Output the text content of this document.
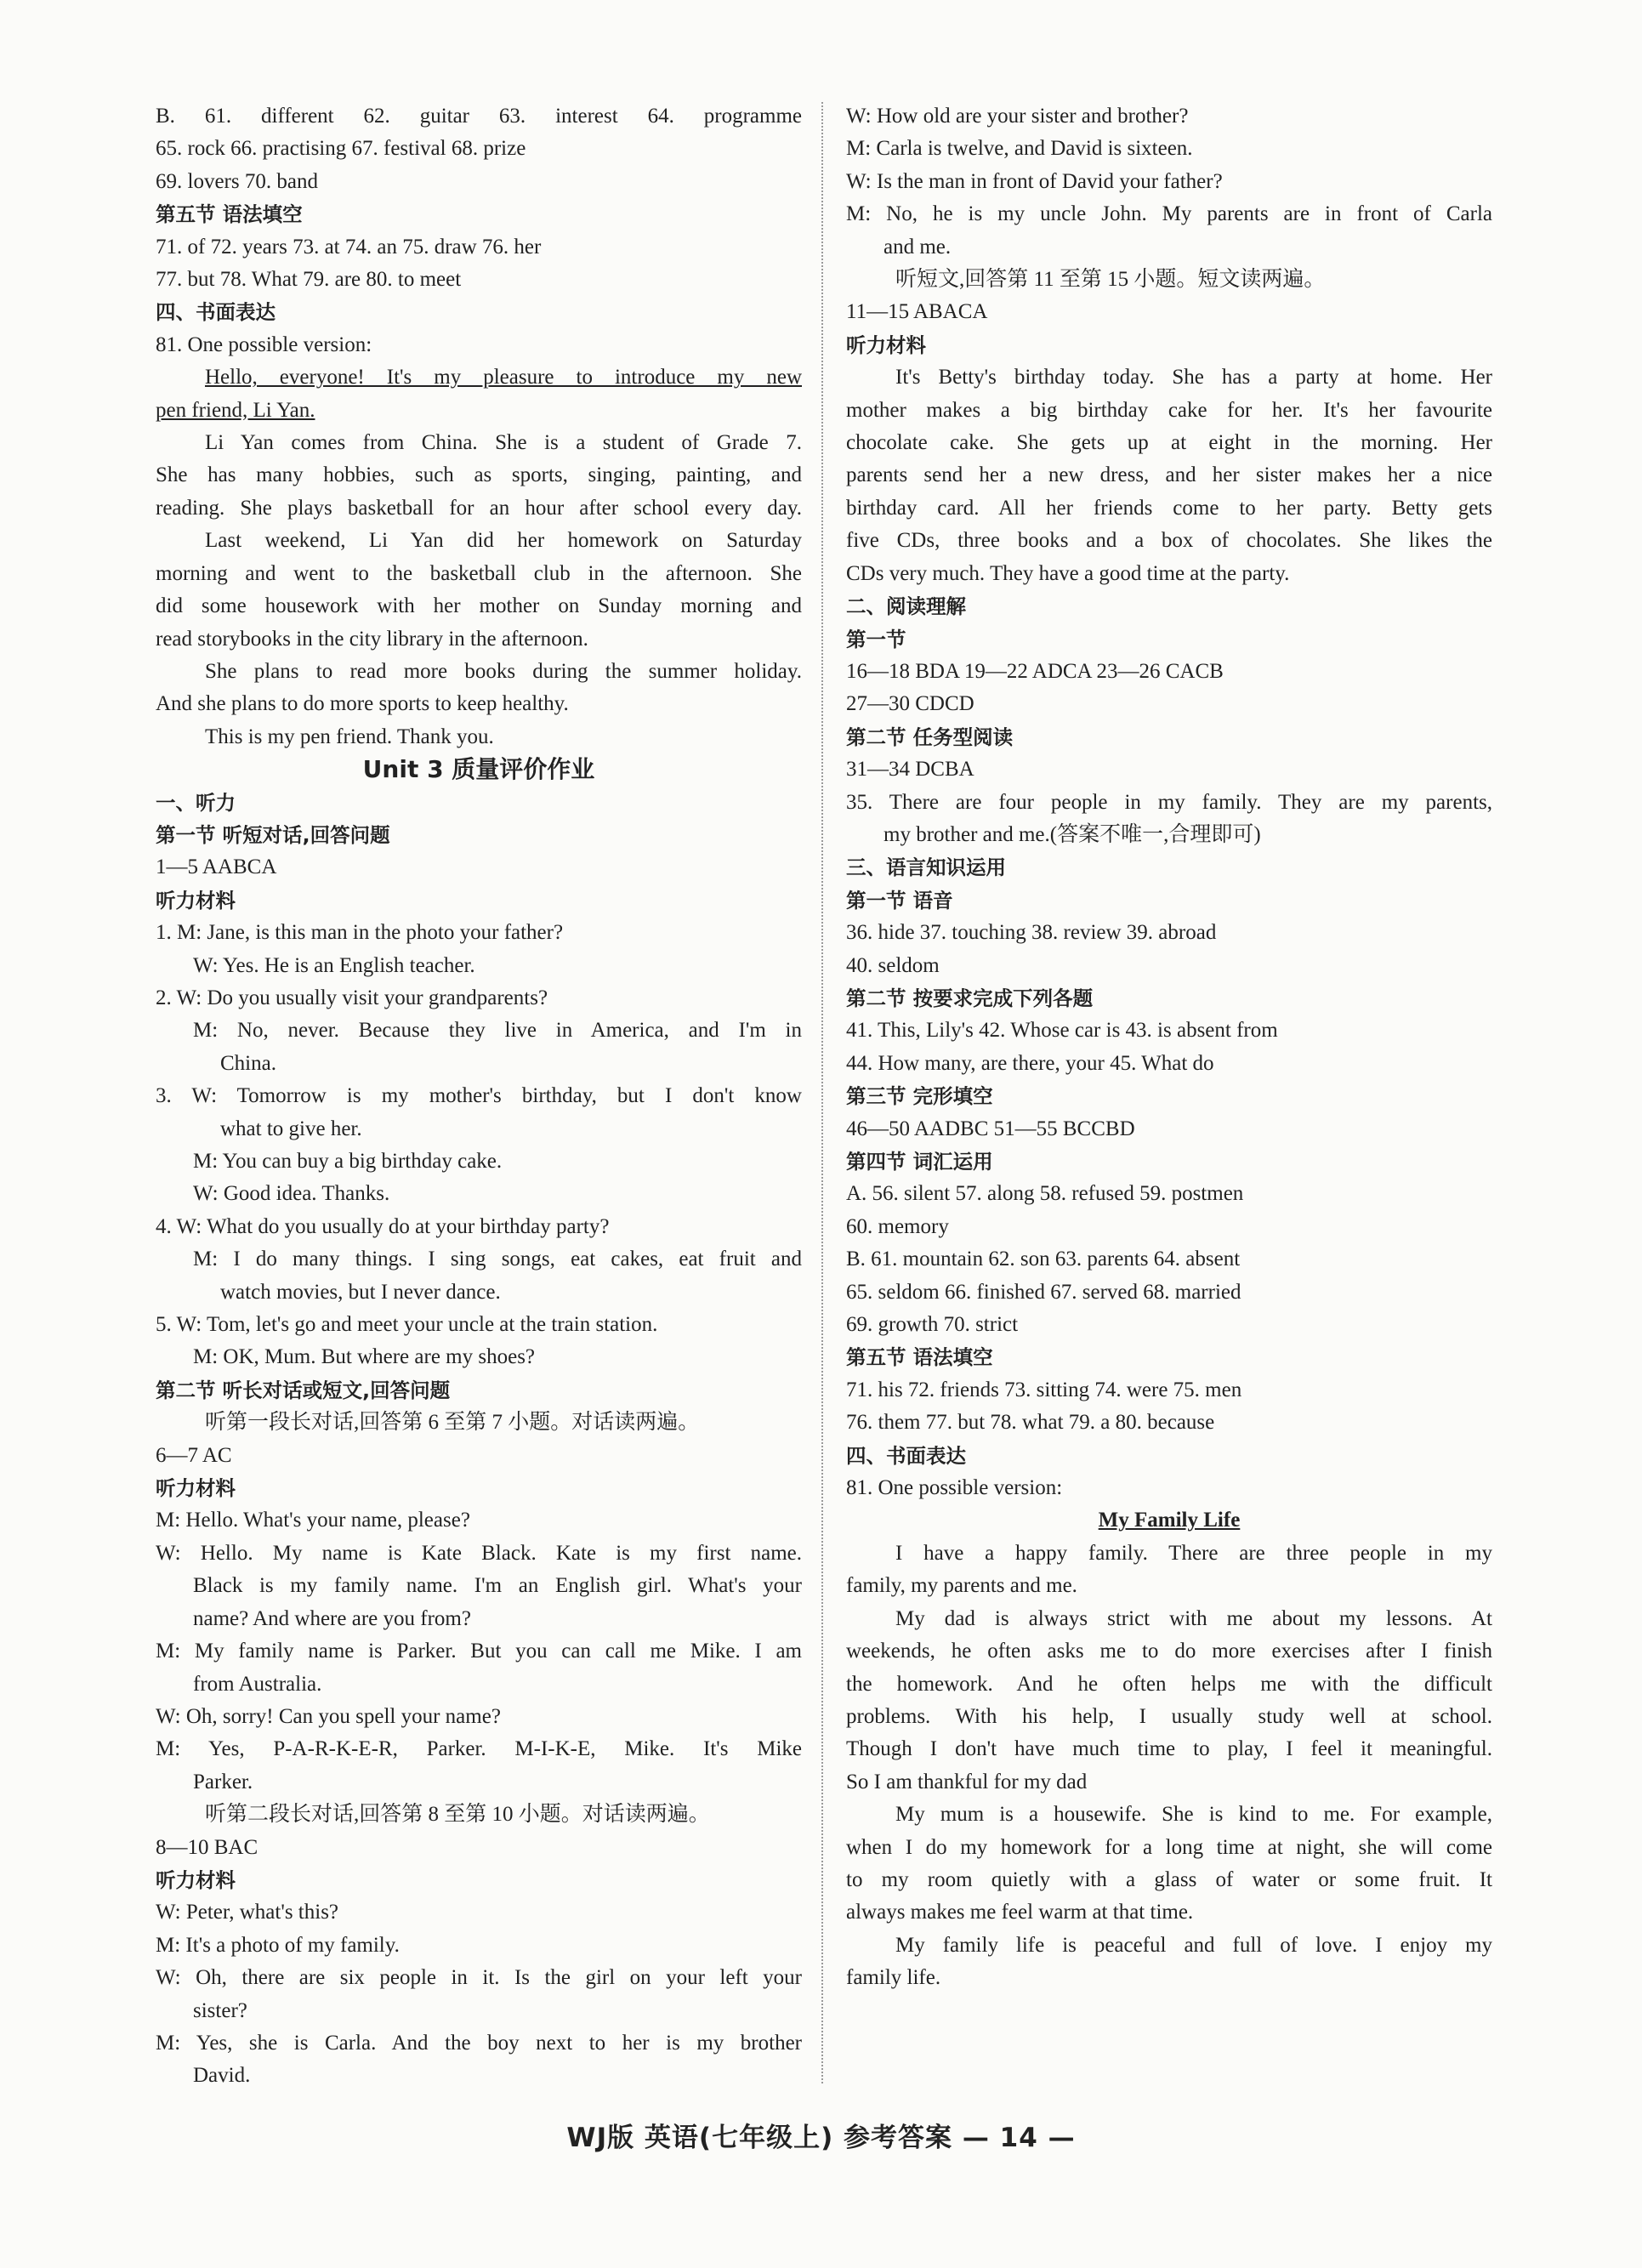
B. 61. different 62. guitar 63. interest 64. programme
65. rock 66. practising 67. festival 68. prize
69. lovers 70. band
第五节 语法填空
71. of 72. years 73. at 74. an 75. draw 76. her
77. but 78. What 79. are 80. to meet
四、书面表达
81. One possible version:
Hello, everyone! It's my pleasure to introduce my new
pen friend, Li Yan.
Li Yan comes from China. She is a student of Grade 7.
She has many hobbies, such as sports, singing, painting, and
reading. She plays basketball for an hour after school every day.
Last weekend, Li Yan did her homework on Saturday
morning and went to the basketball club in the afternoon. She
did some housework with her mother on Sunday morning and
read storybooks in the city library in the afternoon.
She plans to read more books during the summer holiday.
And she plans to do more sports to keep healthy.
This is my pen friend. Thank you.
Unit 3 质量评价作业
一、听力
第一节 听短对话,回答问题
1—5 AABCA
听力材料
1. M: Jane, is this man in the photo your father?
W: Yes. He is an English teacher.
2. W: Do you usually visit your grandparents?
M: No, never. Because they live in America, and I'm in
China.
3. W: Tomorrow is my mother's birthday, but I don't know
what to give her.
M: You can buy a big birthday cake.
W: Good idea. Thanks.
4. W: What do you usually do at your birthday party?
M: I do many things. I sing songs, eat cakes, eat fruit and
watch movies, but I never dance.
5. W: Tom, let's go and meet your uncle at the train station.
M: OK, Mum. But where are my shoes?
第二节 听长对话或短文,回答问题
听第一段长对话,回答第 6 至第 7 小题。对话读两遍。
6—7 AC
听力材料
M: Hello. What's your name, please?
W: Hello. My name is Kate Black. Kate is my first name.
Black is my family name. I'm an English girl. What's your
name? And where are you from?
M: My family name is Parker. But you can call me Mike. I am
from Australia.
W: Oh, sorry! Can you spell your name?
M: Yes, P-A-R-K-E-R, Parker. M-I-K-E, Mike. It's Mike
Parker.
听第二段长对话,回答第 8 至第 10 小题。对话读两遍。
8—10 BAC
听力材料
W: Peter, what's this?
M: It's a photo of my family.
W: Oh, there are six people in it. Is the girl on your left your
sister?
M: Yes, she is Carla. And the boy next to her is my brother
David.
W: How old are your sister and brother?
M: Carla is twelve, and David is sixteen.
W: Is the man in front of David your father?
M: No, he is my uncle John. My parents are in front of Carla
and me.
听短文,回答第 11 至第 15 小题。短文读两遍。
11—15 ABACA
听力材料
It's Betty's birthday today. She has a party at home. Her
mother makes a big birthday cake for her. It's her favourite
chocolate cake. She gets up at eight in the morning. Her
parents send her a new dress, and her sister makes her a nice
birthday card. All her friends come to her party. Betty gets
five CDs, three books and a box of chocolates. She likes the
CDs very much. They have a good time at the party.
二、阅读理解
第一节
16—18 BDA 19—22 ADCA 23—26 CACB
27—30 CDCD
第二节 任务型阅读
31—34 DCBA
35. There are four people in my family. They are my parents,
my brother and me.(答案不唯一,合理即可)
三、语言知识运用
第一节 语音
36. hide 37. touching 38. review 39. abroad
40. seldom
第二节 按要求完成下列各题
41. This, Lily's 42. Whose car is 43. is absent from
44. How many, are there, your 45. What do
第三节 完形填空
46—50 AADBC 51—55 BCCBD
第四节 词汇运用
A. 56. silent 57. along 58. refused 59. postmen
60. memory
B. 61. mountain 62. son 63. parents 64. absent
65. seldom 66. finished 67. served 68. married
69. growth 70. strict
第五节 语法填空
71. his 72. friends 73. sitting 74. were 75. men
76. them 77. but 78. what 79. a 80. because
四、书面表达
81. One possible version:
My Family Life
I have a happy family. There are three people in my
family, my parents and me.
My dad is always strict with me about my lessons. At
weekends, he often asks me to do more exercises after I finish
the homework. And he often helps me with the difficult
problems. With his help, I usually study well at school.
Though I don't have much time to play, I feel it meaningful.
So I am thankful for my dad
My mum is a housewife. She is kind to me. For example,
when I do my homework for a long time at night, she will come
to my room quietly with a glass of water or some fruit. It
always makes me feel warm at that time.
My family life is peaceful and full of love. I enjoy my
family life.
WJ版 英语(七年级上) 参考答案 — 14 —
